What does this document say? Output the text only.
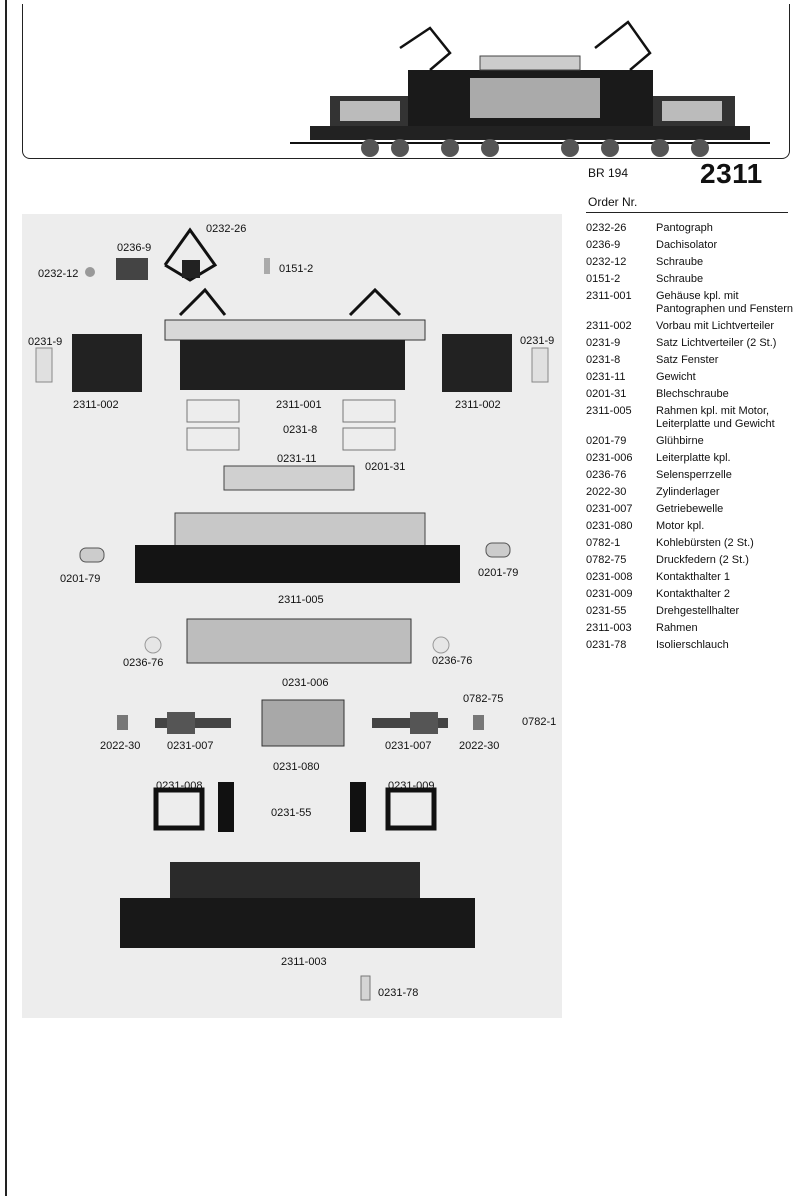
BR 194	2311
Order Nr.
0232-26
0236-9
0232-12	0151-2
0231-9	0231-9
2311-002	2311-001	2311-002
0231-8
0231-11
0201-31
0201-79	0201-79
2311-005
0236-76	0236-76
0231-006
0782-75
0782-1
2022-30 0231-007
0231-080
0231-007	2022-30
0231-008	0231-009
0231-55
2311-003
0231-78
0232-26	Pantograph
0236-9	Dachisolator
0232-12	Schraube
0151-2	Schraube
2311-001	Gehäuse kpl. mit Pantographen und Fenstern
2311-002	Vorbau mit Lichtverteiler
0231-9	Satz Lichtverteiler (2 St.)
0231-8	Satz Fenster
0231-11	Gewicht
0201-31	Blechschraube
2311-005	Rahmen kpl. mit Motor, Leiterplatte und Gewicht
0201-79	Glühbirne
0231-006	Leiterplatte kpl.
0236-76	Selensperrzelle
2022-30	Zylinderlager
0231-007	Getriebewelle
0231-080	Motor kpl.
0782-1	Kohlebürsten (2 St.)
0782-75	Druckfedern (2 St.)
0231-008	Kontakthalter 1
0231-009	Kontakthalter 2
0231-55	Drehgestellhalter
2311-003	Rahmen
0231-78	Isolierschlauch
